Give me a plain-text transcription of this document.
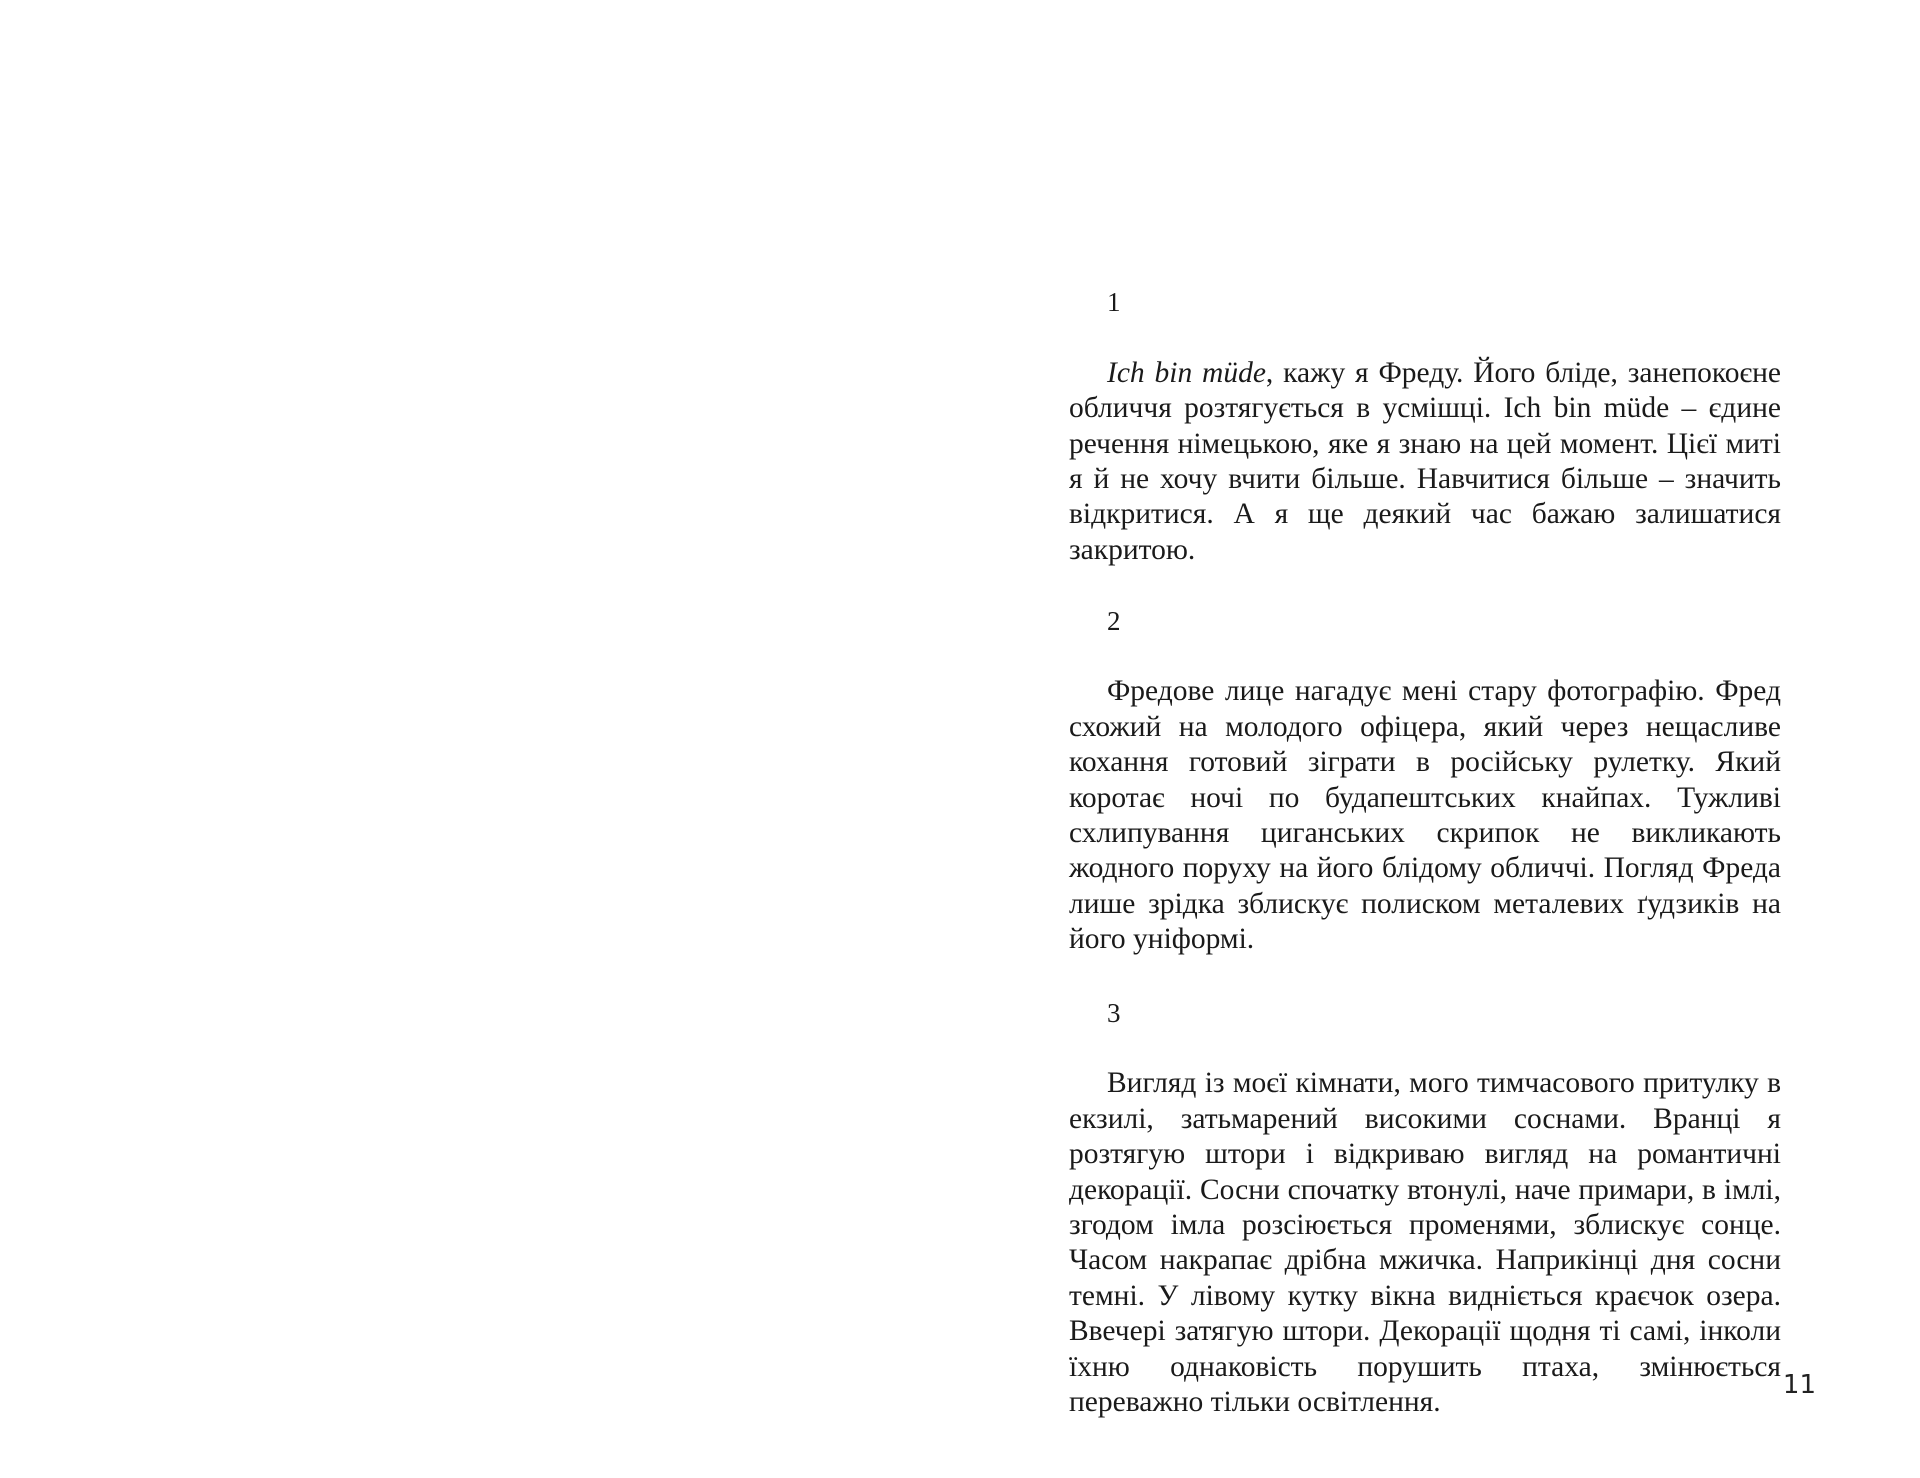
1

Ich bin müde, кажу я Фреду. Його бліде, занепокоєне обличчя розтягується в усмішці. Ich bin müde – єдине речення німецькою, яке я знаю на цей момент. Цієї миті я й не хочу вчити більше. Навчитися більше – значить відкритися. А я ще деякий час бажаю залишатися закритою.

2

Фредове лице нагадує мені стару фотографію. Фред схожий на молодого офіцера, який через нещасливе кохання готовий зіграти в російську рулетку. Який коротає ночі по будапештських кнайпах. Тужливі схлипування циганських скрипок не викликають жодного поруху на його блідому обличчі. Погляд Фреда лише зрідка зблискує полиском металевих ґудзиків на його уніформі.

3

Вигляд із моєї кімнати, мого тимчасового притулку в екзилі, затьмарений високими соснами. Вранці я розтягую штори і відкриваю вигляд на романтичні декорації. Сосни спочатку втонулі, наче примари, в імлі, згодом імла розсіюється променями, зблискує сонце. Часом накрапає дрібна мжичка. Наприкінці дня сосни темні. У лівому кутку вікна видніється краєчок озера. Ввечері затягую штори. Декорації щодня ті самі, інколи їхню однаковість порушить птаха, змінюється переважно тільки освітлення.

11
